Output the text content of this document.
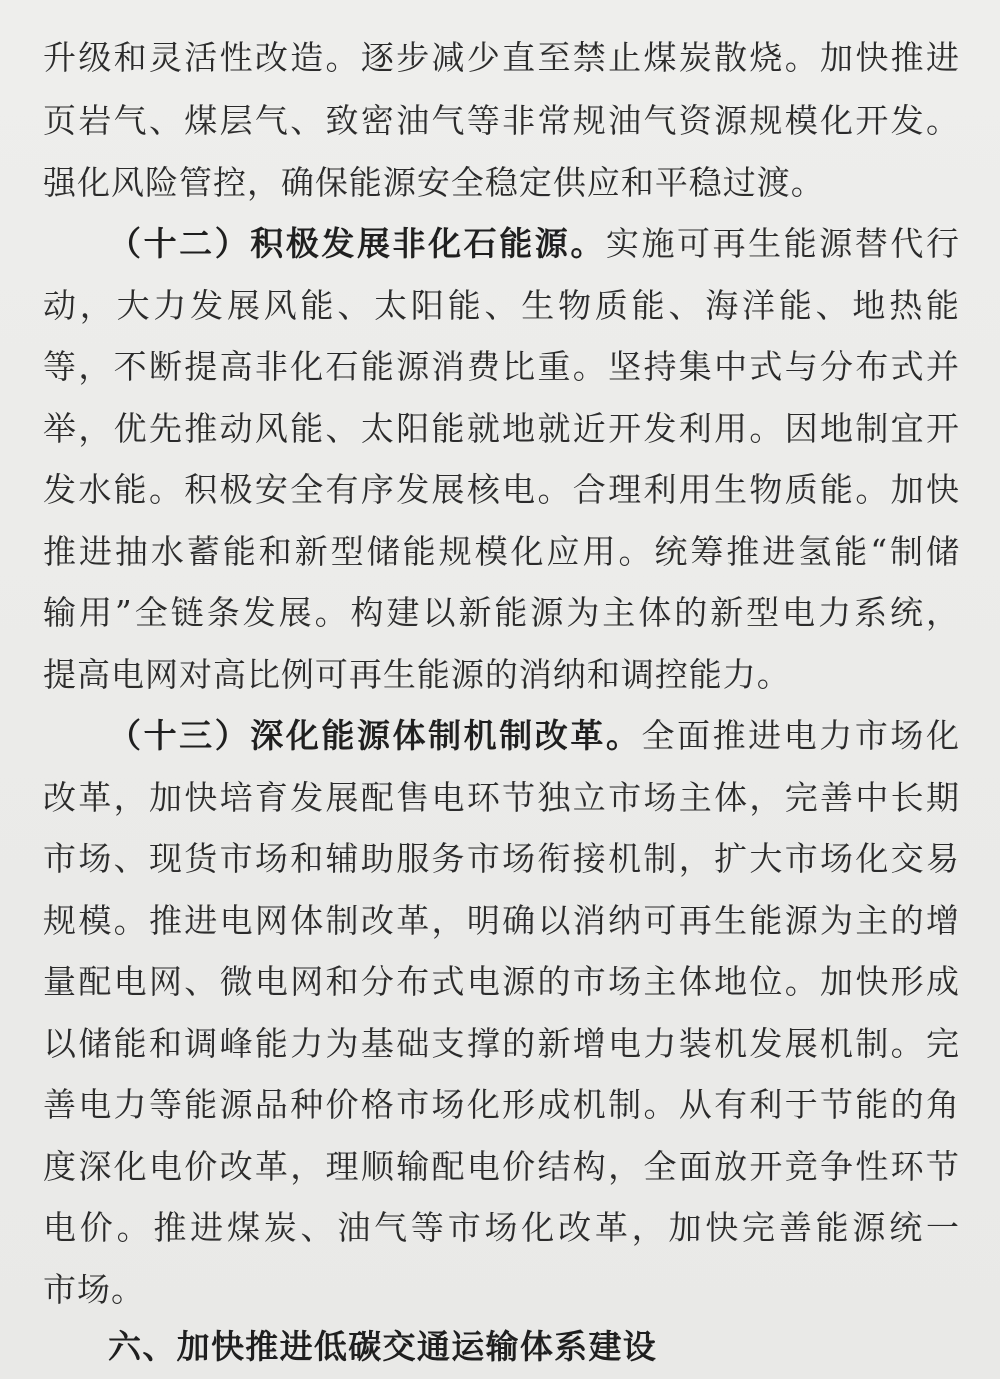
升级和灵活性改造。逐步减少直至禁止煤炭散烧。加快推进
页岩气、煤层气、致密油气等非常规油气资源规模化开发。
强化风险管控，确保能源安全稳定供应和平稳过渡。
（十二）积极发展非化石能源。实施可再生能源替代行
动，大力发展风能、太阳能、生物质能、海洋能、地热能
等，不断提高非化石能源消费比重。坚持集中式与分布式并
举，优先推动风能、太阳能就地就近开发利用。因地制宜开
发水能。积极安全有序发展核电。合理利用生物质能。加快
推进抽水蓄能和新型储能规模化应用。统筹推进氢能“制储
输用”全链条发展。构建以新能源为主体的新型电力系统，
提高电网对高比例可再生能源的消纳和调控能力。
（十三）深化能源体制机制改革。全面推进电力市场化
改革，加快培育发展配售电环节独立市场主体，完善中长期
市场、现货市场和辅助服务市场衔接机制，扩大市场化交易
规模。推进电网体制改革，明确以消纳可再生能源为主的增
量配电网、微电网和分布式电源的市场主体地位。加快形成
以储能和调峰能力为基础支撑的新增电力装机发展机制。完
善电力等能源品种价格市场化形成机制。从有利于节能的角
度深化电价改革，理顺输配电价结构，全面放开竞争性环节
电价。推进煤炭、油气等市场化改革，加快完善能源统一
市场。
六、加快推进低碳交通运输体系建设
